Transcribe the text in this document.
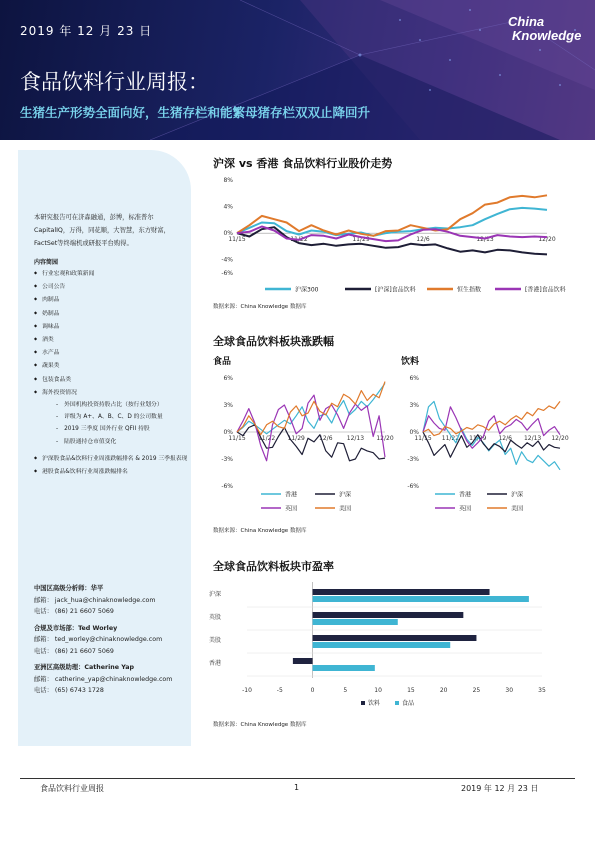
2019 年 12 月 23 日
China
Knowledge
食品饮料行业周报：
生猪生产形势全面向好，生猪存栏和能繁母猪存栏双双止降回升
本研究报告可在济森融通，彭博，标准普尔CapitalIQ，万得，同花顺，大智慧，东方财富，FactSet等终端机或研报平台购得。
内容简园
◆ 行业宏观和政策新闻
◆ 公司公告
◆ 肉制品
◆ 奶制品
◆ 调味品
◆ 酒类
◆ 水产品
◆ 蔬果类
◆ 包装食品类
◆ 海外投资情况
- 外国机构投资持股占比（按行业划分）
- 评级为 A+、A、B、C、D 的公司数量
- 2019 三季度 国外行业 QFII 持股
- 陆股通持仓市值变化
◆ 沪深股食品&饮料行业周涨跌幅排名 & 2019 三季报表现
◆ 港股食品&饮料行业周涨跌幅排名
中国区高级分析师：华平
邮箱： jack_hua@chinaknowledge.com
电话： (86) 21 6607 5069
合规及市场部：Ted Worley
邮箱： ted_worley@chinaknowledge.com
电话： (86) 21 6607 5069
亚洲区高级助理：Catherine Yap
邮箱： catherine_yap@chinaknowledge.com
电话： (65) 6743 1728
沪深 vs 香港 食品饮料行业股价走势
8%
4%
0%
-4%
-6%
11/15	11/22	11/29	12/6	12/13	12/20
沪深300	[沪深]食品饮料	恒生指数	[香港]食品饮料
数据来源：China Knowledge 数据库
全球食品饮料板块涨跌幅
食品	饮料
6%
3%
0%
-3%
-6%
11/15 11/22 11/29 12/6 12/13 12/20
香港	沪深
英国	美国
6%
3%
0%
-3%
-6%
11/15 11/22 11/29 12/6 12/13 12/20
香港	沪深
英国	美国
数据来源：China Knowledge 数据库
全球食品饮料板块市盈率
沪深
英股
美股
香港
-10	-5	0	5	10	15	20	25	30	35
饮料	食品
数据来源：China Knowledge 数据库
食品饮料行业周报	1	2019 年 12 月 23 日
